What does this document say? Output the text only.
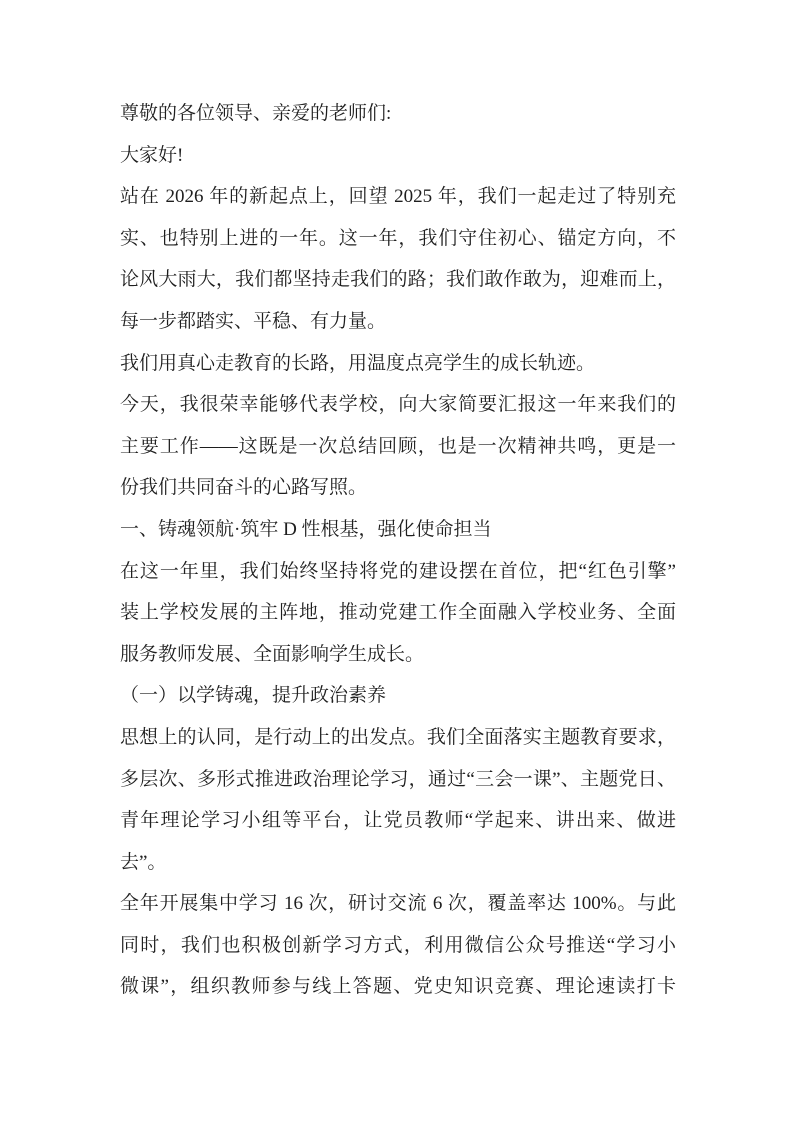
尊敬的各位领导、亲爱的老师们:
大家好!
站在 2026 年的新起点上，回望 2025 年，我们一起走过了特别充
实、也特别上进的一年。这一年，我们守住初心、锚定方向，不
论风大雨大，我们都坚持走我们的路；我们敢作敢为，迎难而上，
每一步都踏实、平稳、有力量。
我们用真心走教育的长路，用温度点亮学生的成长轨迹。
今天，我很荣幸能够代表学校，向大家简要汇报这一年来我们的
主要工作——这既是一次总结回顾，也是一次精神共鸣，更是一
份我们共同奋斗的心路写照。
一、铸魂领航·筑牢 D 性根基，强化使命担当
在这一年里，我们始终坚持将党的建设摆在首位，把“红色引擎”
装上学校发展的主阵地，推动党建工作全面融入学校业务、全面
服务教师发展、全面影响学生成长。
（一）以学铸魂，提升政治素养
思想上的认同，是行动上的出发点。我们全面落实主题教育要求，
多层次、多形式推进政治理论学习，通过“三会一课”、主题党日、
青年理论学习小组等平台，让党员教师“学起来、讲出来、做进
去”。
全年开展集中学习 16 次，研讨交流 6 次，覆盖率达 100%。与此
同时，我们也积极创新学习方式，利用微信公众号推送“学习小
微课”，组织教师参与线上答题、党史知识竞赛、理论速读打卡
